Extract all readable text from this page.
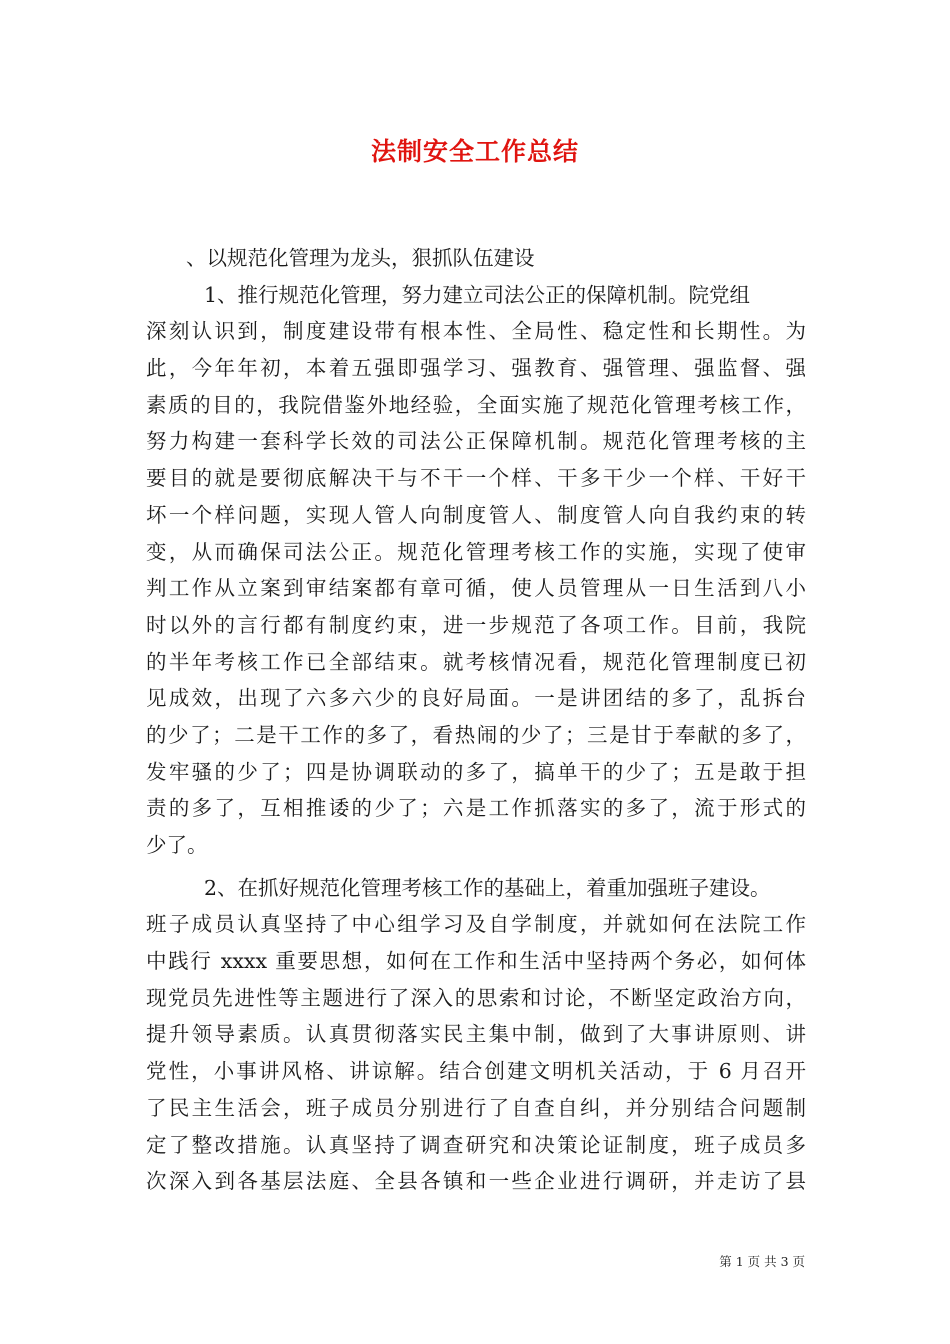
法制安全工作总结
、以规范化管理为龙头，狠抓队伍建设
1、推行规范化管理，努力建立司法公正的保障机制。院党组
深刻认识到，制度建设带有根本性、全局性、稳定性和长期性。为
此，今年年初，本着五强即强学习、强教育、强管理、强监督、强
素质的目的，我院借鉴外地经验，全面实施了规范化管理考核工作，
努力构建一套科学长效的司法公正保障机制。规范化管理考核的主
要目的就是要彻底解决干与不干一个样、干多干少一个样、干好干
坏一个样问题，实现人管人向制度管人、制度管人向自我约束的转
变，从而确保司法公正。规范化管理考核工作的实施，实现了使审
判工作从立案到审结案都有章可循，使人员管理从一日生活到八小
时以外的言行都有制度约束，进一步规范了各项工作。目前，我院
的半年考核工作已全部结束。就考核情况看，规范化管理制度已初
见成效，出现了六多六少的良好局面。一是讲团结的多了，乱拆台
的少了；二是干工作的多了，看热闹的少了；三是甘于奉献的多了，
发牢骚的少了；四是协调联动的多了，搞单干的少了；五是敢于担
责的多了，互相推诿的少了；六是工作抓落实的多了，流于形式的
少了。
2、在抓好规范化管理考核工作的基础上，着重加强班子建设。
班子成员认真坚持了中心组学习及自学制度，并就如何在法院工作
中践行 xxxx 重要思想，如何在工作和生活中坚持两个务必，如何体
现党员先进性等主题进行了深入的思索和讨论，不断坚定政治方向，
提升领导素质。认真贯彻落实民主集中制，做到了大事讲原则、讲
党性，小事讲风格、讲谅解。结合创建文明机关活动，于 6 月召开
了民主生活会，班子成员分别进行了自查自纠，并分别结合问题制
定了整改措施。认真坚持了调查研究和决策论证制度，班子成员多
次深入到各基层法庭、全县各镇和一些企业进行调研，并走访了县
第 1 页 共 3 页
